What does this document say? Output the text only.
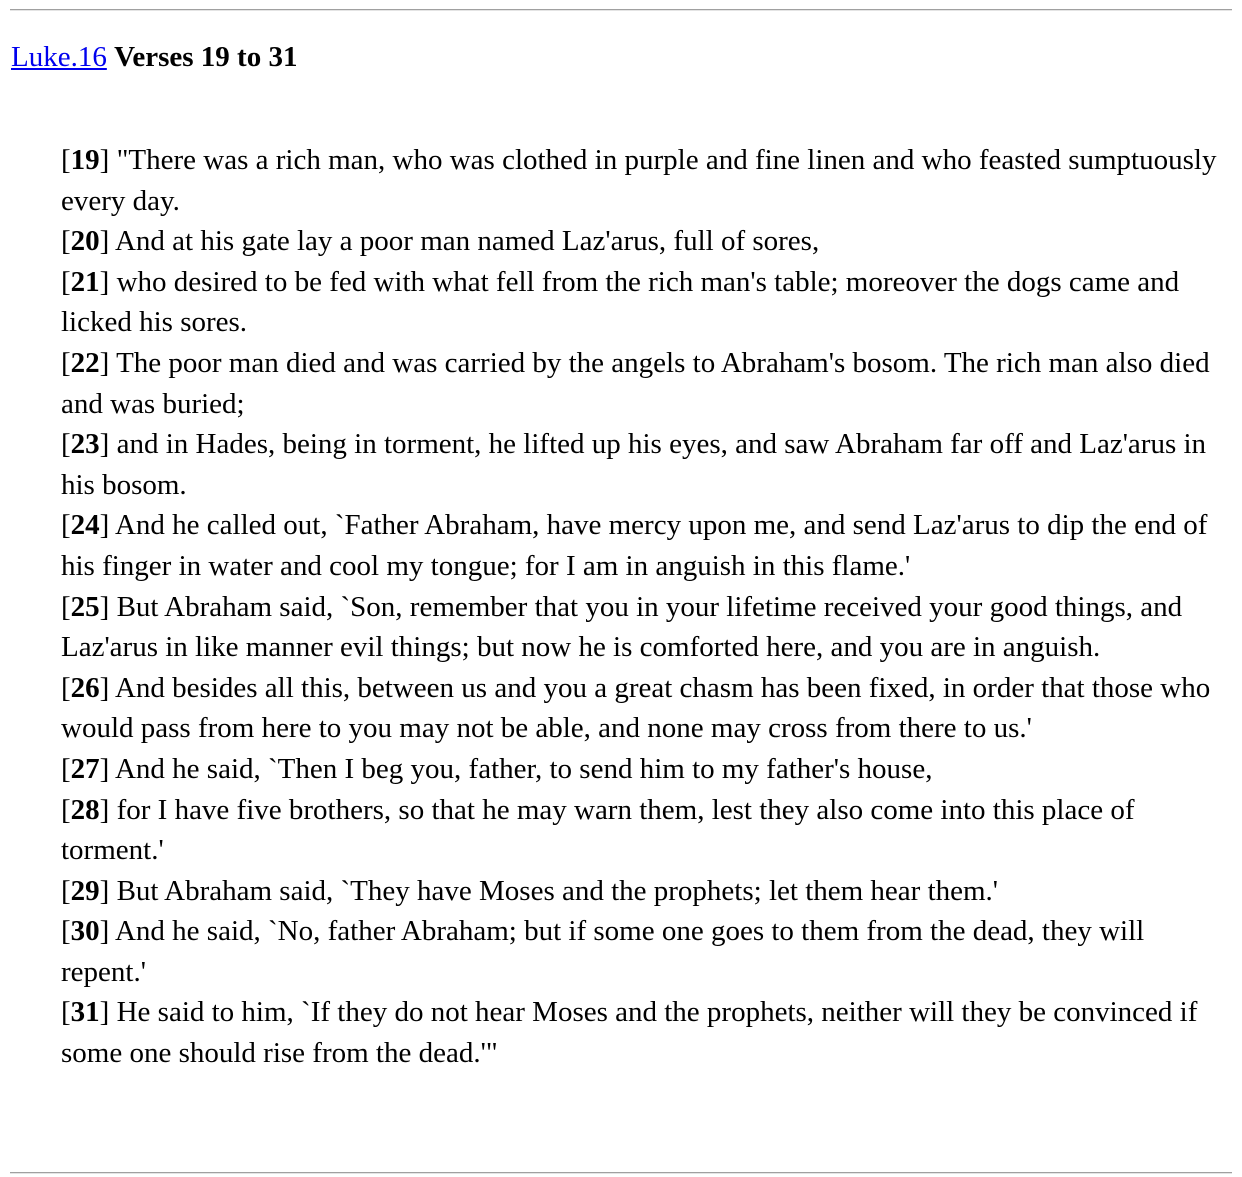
Luke.16 Verses 19 to 31
[19] "There was a rich man, who was clothed in purple and fine linen and who feasted sumptuously every day.
[20] And at his gate lay a poor man named Laz'arus, full of sores,
[21] who desired to be fed with what fell from the rich man's table; moreover the dogs came and licked his sores.
[22] The poor man died and was carried by the angels to Abraham's bosom. The rich man also died and was buried;
[23] and in Hades, being in torment, he lifted up his eyes, and saw Abraham far off and Laz'arus in his bosom.
[24] And he called out, `Father Abraham, have mercy upon me, and send Laz'arus to dip the end of his finger in water and cool my tongue; for I am in anguish in this flame.'
[25] But Abraham said, `Son, remember that you in your lifetime received your good things, and Laz'arus in like manner evil things; but now he is comforted here, and you are in anguish.
[26] And besides all this, between us and you a great chasm has been fixed, in order that those who would pass from here to you may not be able, and none may cross from there to us.'
[27] And he said, `Then I beg you, father, to send him to my father's house,
[28] for I have five brothers, so that he may warn them, lest they also come into this place of torment.'
[29] But Abraham said, `They have Moses and the prophets; let them hear them.'
[30] And he said, `No, father Abraham; but if some one goes to them from the dead, they will repent.'
[31] He said to him, `If they do not hear Moses and the prophets, neither will they be convinced if some one should rise from the dead.'"
